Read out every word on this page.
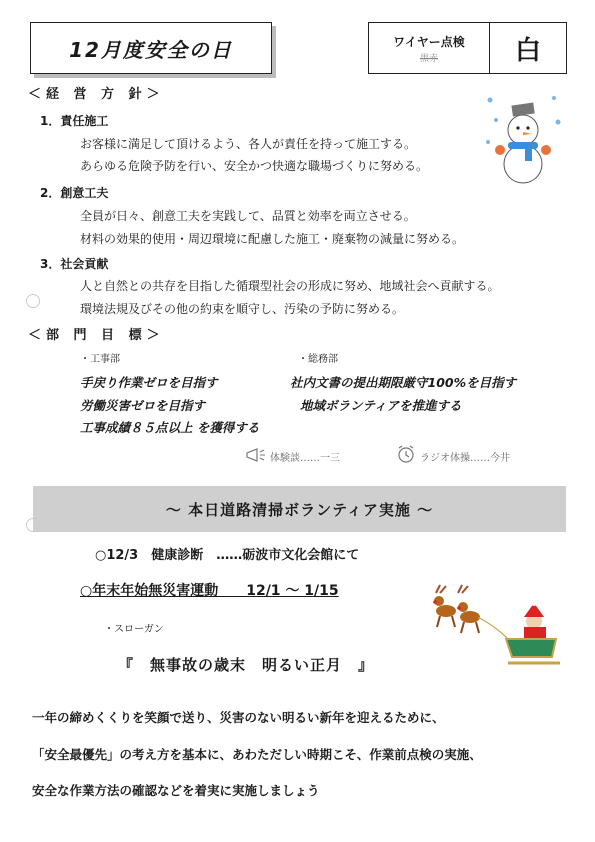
12月度安全の日	ワイヤー点検
黒赤	白
＜経 営 方 針＞
1．責任施工
お客様に満足して頂けるよう、各人が責任を持って施工する。
あらゆる危険予防を行い、安全かつ快適な職場づくりに努める。
2．創意工夫
全員が日々、創意工夫を実践して、品質と効率を両立させる。
材料の効果的使用・周辺環境に配慮した施工・廃棄物の減量に努める。
3．社会貢献
人と自然との共存を目指した循環型社会の形成に努め、地域社会へ貢献する。
環境法規及びその他の約束を順守し、汚染の予防に努める。
＜部 門 目 標＞
・工事部
手戻り作業ゼロを目指す
労働災害ゼロを目指す
工事成績８５点以上 を獲得する
・総務部
社内文書の提出期限厳守100%を目指す
地域ボランティアを推進する
体験談……一三	ラジオ体操……今井
～ 本日道路清掃ボランティア実施 ～
○12/3　健康診断　……砺波市文化会館にて
○年末年始無災害運動　　12/1 ～ 1/15
・スローガン
『　無事故の歳末　明るい正月　』
一年の締めくくりを笑顔で送り、災害のない明るい新年を迎えるために、
「安全最優先」の考え方を基本に、あわただしい時期こそ、作業前点検の実施、
安全な作業方法の確認などを着実に実施しましょう
